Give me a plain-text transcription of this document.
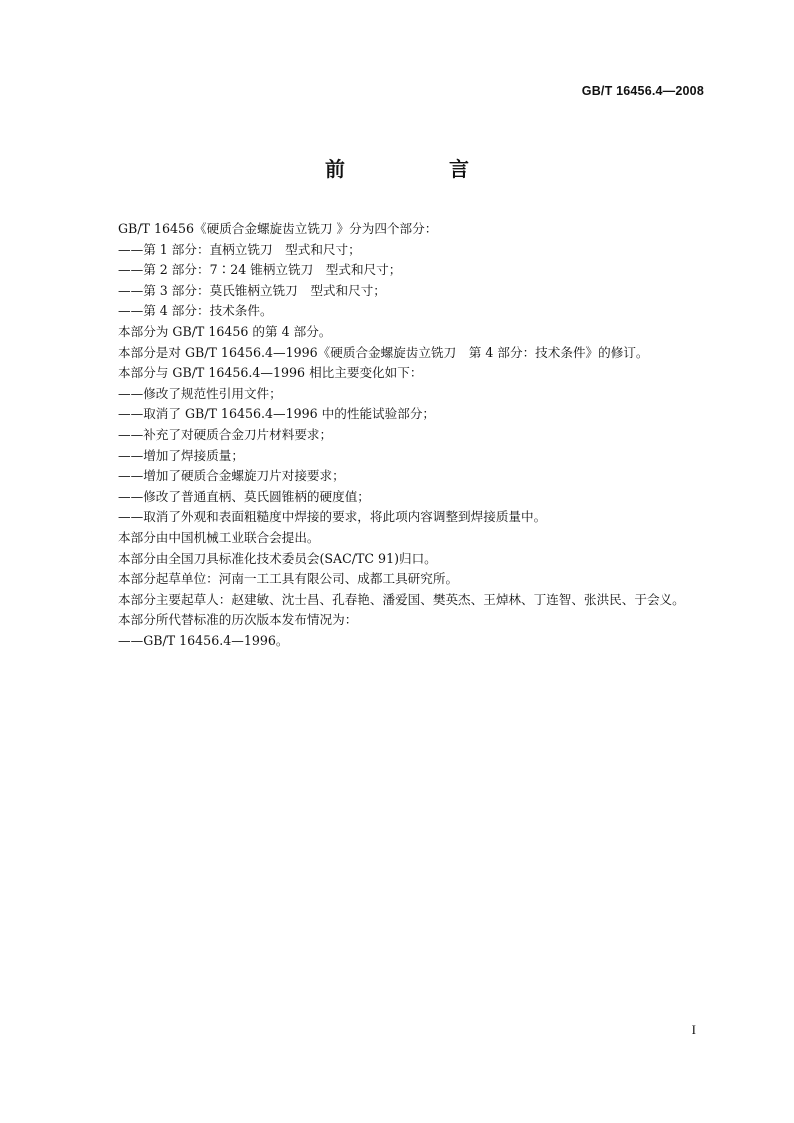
GB/T 16456.4—2008
前　言
GB/T 16456《硬质合金螺旋齿立铣刀 》分为四个部分：
——第 1 部分：直柄立铣刀　型式和尺寸；
——第 2 部分：7∶24 锥柄立铣刀　型式和尺寸；
——第 3 部分：莫氏锥柄立铣刀　型式和尺寸；
——第 4 部分：技术条件。
本部分为 GB/T 16456 的第 4 部分。
本部分是对 GB/T 16456.4—1996《硬质合金螺旋齿立铣刀　第 4 部分：技术条件》的修订。
本部分与 GB/T 16456.4—1996 相比主要变化如下：
——修改了规范性引用文件；
——取消了 GB/T 16456.4—1996 中的性能试验部分；
——补充了对硬质合金刀片材料要求；
——增加了焊接质量；
——增加了硬质合金螺旋刀片对接要求；
——修改了普通直柄、莫氏圆锥柄的硬度值；
——取消了外观和表面粗糙度中焊接的要求，将此项内容调整到焊接质量中。
本部分由中国机械工业联合会提出。
本部分由全国刀具标准化技术委员会(SAC/TC 91)归口。
本部分起草单位：河南一工工具有限公司、成都工具研究所。
本部分主要起草人：赵建敏、沈士昌、孔春艳、潘爱国、樊英杰、王焯林、丁连智、张洪民、于会义。
本部分所代替标准的历次版本发布情况为：
——GB/T 16456.4—1996。
I
